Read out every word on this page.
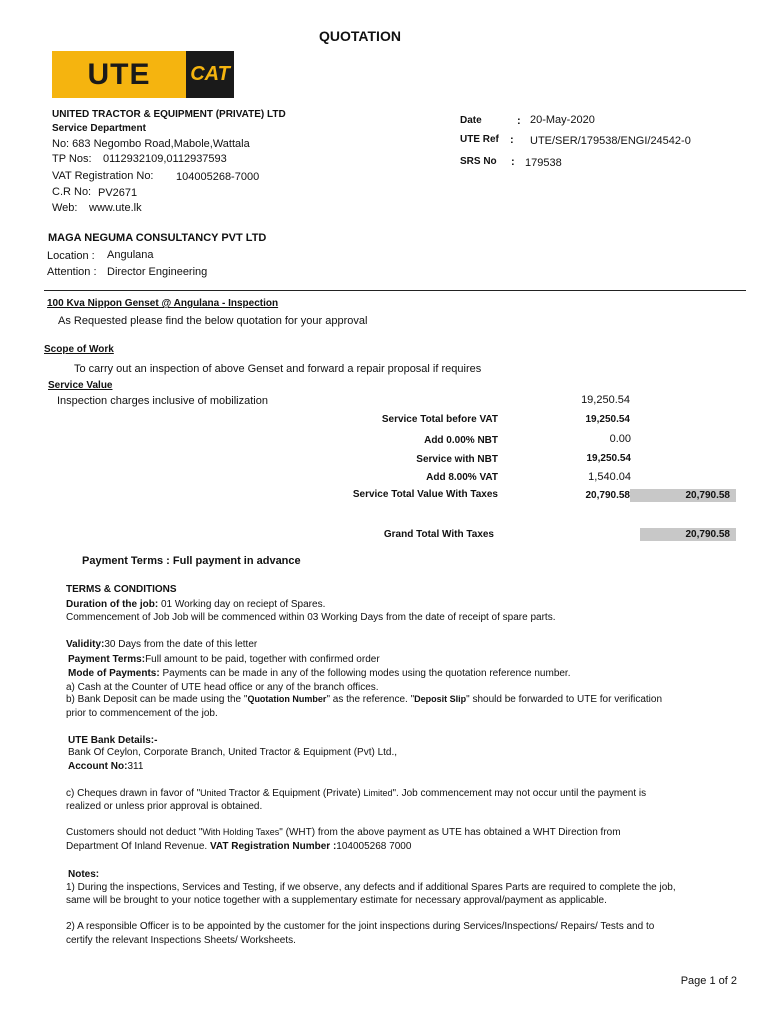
QUOTATION
UTE	CAT
UNITED TRACTOR & EQUIPMENT (PRIVATE) LTD
Service Department
No: 683 Negombo Road,Mabole,Wattala
TP Nos: 0112932109,0112937593
VAT Registration No: 104005268-7000
C.R No: PV2671
Web: www.ute.lk
Date	: 20-May-2020
UTE Ref : UTE/SER/179538/ENGI/24542-0
SRS No : 179538
MAGA NEGUMA CONSULTANCY PVT LTD
Location : Angulana
Attention : Director Engineering
100 Kva Nippon Genset @ Angulana - Inspection
As Requested please find the below quotation for your approval
Scope of Work
To carry out an inspection of above Genset and forward a repair proposal if requires
Service Value
Inspection charges inclusive of mobilization	19,250.54
Service Total before VAT	19,250.54
Add 0.00% NBT	0.00
Service with NBT	19,250.54
Add 8.00% VAT	1,540.04
Service Total Value With Taxes	20,790.58	20,790.58
Grand Total With Taxes	20,790.58
Payment Terms : Full payment in advance
TERMS & CONDITIONS
Duration of the job: 01 Working day on reciept of Spares.
Commencement of Job Job will be commenced within 03 Working Days from the date of receipt of spare parts.
Validity:30 Days from the date of this letter
Payment Terms:Full amount to be paid, together with confirmed order
Mode of Payments: Payments can be made in any of the following modes using the quotation reference number.
a) Cash at the Counter of UTE head office or any of the branch offices.
b) Bank Deposit can be made using the "Quotation Number" as the reference. "Deposit Slip" should be forwarded to UTE for verification
prior to commencement of the job.
UTE Bank Details:-
Bank Of Ceylon, Corporate Branch, United Tractor & Equipment (Pvt) Ltd.,
Account No:311
c) Cheques drawn in favor of "United Tractor & Equipment (Private) Limited". Job commencement may not occur until the payment is
realized or unless prior approval is obtained.
Customers should not deduct "With Holding Taxes" (WHT) from the above payment as UTE has obtained a WHT Direction from
Department Of Inland Revenue. VAT Registration Number :104005268 7000
Notes:
1) During the inspections, Services and Testing, if we observe, any defects and if additional Spares Parts are required to complete the job,
same will be brought to your notice together with a supplementary estimate for necessary approval/payment as applicable.
2) A responsible Officer is to be appointed by the customer for the joint inspections during Services/Inspections/ Repairs/ Tests and to
certify the relevant Inspections Sheets/ Worksheets.
Page 1 of 2
